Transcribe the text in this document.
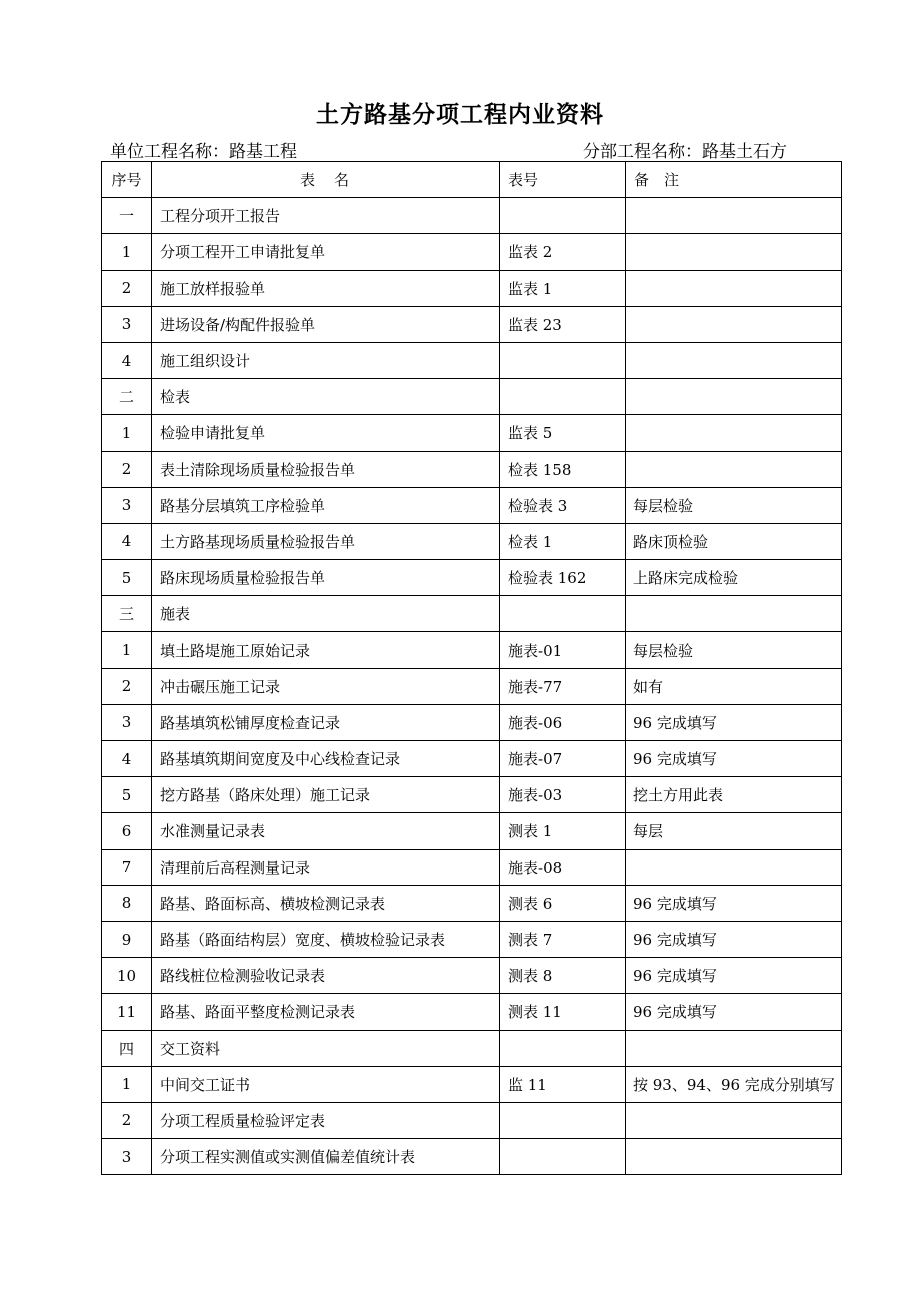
土方路基分项工程内业资料
单位工程名称：路基工程	分部工程名称：路基土石方
序号	表　名	表号	备　注
一	工程分项开工报告		
1	分项工程开工申请批复单	监表 2	
2	施工放样报验单	监表 1	
3	进场设备/构配件报验单	监表 23	
4	施工组织设计		
二	检表		
1	检验申请批复单	监表 5	
2	表土清除现场质量检验报告单	检表 158	
3	路基分层填筑工序检验单	检验表 3	每层检验
4	土方路基现场质量检验报告单	检表 1	路床顶检验
5	路床现场质量检验报告单	检验表 162	上路床完成检验
三	施表		
1	填土路堤施工原始记录	施表-01	每层检验
2	冲击碾压施工记录	施表-77	如有
3	路基填筑松铺厚度检查记录	施表-06	96 完成填写
4	路基填筑期间宽度及中心线检查记录	施表-07	96 完成填写
5	挖方路基（路床处理）施工记录	施表-03	挖土方用此表
6	水准测量记录表	测表 1	每层
7	清理前后高程测量记录	施表-08	
8	路基、路面标高、横坡检测记录表	测表 6	96 完成填写
9	路基（路面结构层）宽度、横坡检验记录表	测表 7	96 完成填写
10	路线桩位检测验收记录表	测表 8	96 完成填写
11	路基、路面平整度检测记录表	测表 11	96 完成填写
四	交工资料		
1	中间交工证书	监 11	按 93、94、96 完成分别填写
2	分项工程质量检验评定表		
3	分项工程实测值或实测值偏差值统计表		
